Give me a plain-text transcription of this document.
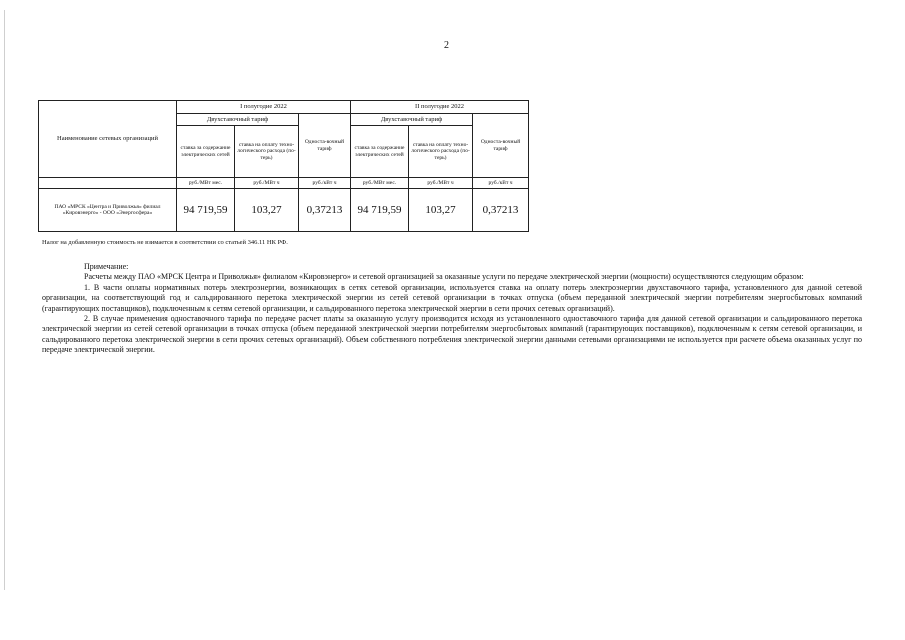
2
Наименование сетевых организаций	I полугодие 2022			II полугодие 2022		
	Двухставочный тариф		Односта-вочный тариф	Двухставочный тариф		Односта-вочный тариф
	ставка за содержание электрических сетей	ставка на оплату техно-логического расхода (по-терь)		ставка за содержание электрических сетей	ставка на оплату техно-логического расхода (по-терь)	
	руб./МВт мес.	руб./МВт ч	руб./кВт ч	руб./МВт мес.	руб./МВт ч	руб./кВт ч
ПАО «МРСК «Центра и Приволжья» филиал «Кировэнерго» - ООО «Энергосфера»	94 719,59	103,27	0,37213	94 719,59	103,27	0,37213
Налог на добавленную стоимость не взимается в соответствии со статьей 346.11 НК РФ.

Примечание:

Расчеты между ПАО «МРСК Центра и Приволжья» филиалом «Кировэнерго» и сетевой организацией за оказанные услуги по передаче электрической энергии (мощности) осуществляются следующим образом:

1. В части оплаты нормативных потерь электроэнергии, возникающих в сетях сетевой организации, используется ставка на оплату потерь электроэнергии двухставочного тарифа, установленного для данной сетевой организации, на соответствующий год и сальдированного перетока электрической энергии из сетей сетевой организации в точках отпуска (объем переданной электрической энергии потребителям энергосбытовых компаний (гарантирующих поставщиков), подключенным к сетям сетевой организации, и сальдированного перетока электрической энергии в сети прочих сетевых организаций).

2. В случае применения одноставочного тарифа по передаче расчет платы за оказанную услугу производится исходя из установленного одноставочного тарифа для данной сетевой организации и сальдированного перетока электрической энергии из сетей сетевой организации в точках отпуска (объем переданной электрической энергии потребителям энергосбытовых компаний (гарантирующих поставщиков), подключенным к сетям сетевой организации, и сальдированного перетока электрической энергии в сети прочих сетевых организаций). Объем собственного потребления электрической энергии данными сетевыми организациями не используется при расчете объема оказанных услуг по передаче электрической энергии.
